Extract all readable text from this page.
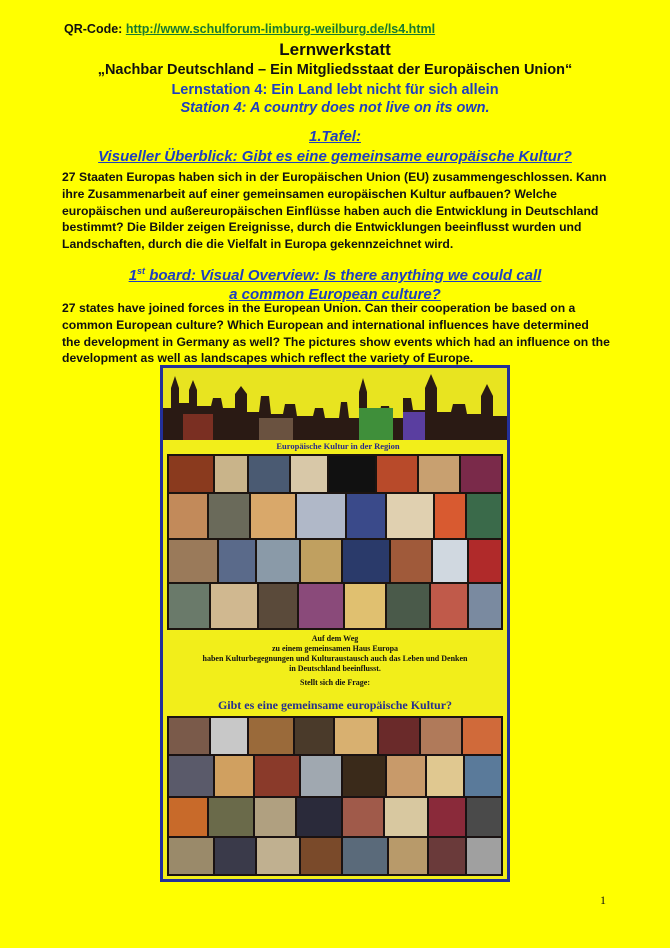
QR-Code: http://www.schulforum-limburg-weilburg.de/ls4.html
Lernwerkstatt
„Nachbar Deutschland – Ein Mitgliedsstaat der Europäischen Union“
Lernstation 4: Ein Land lebt nicht für sich allein
Station 4: A country does not live on its own.
1.Tafel:
Visueller Überblick: Gibt es eine gemeinsame europäische Kultur?
27 Staaten Europas haben sich in der Europäischen Union (EU) zusammengeschlossen. Kann ihre Zusammenarbeit auf einer gemeinsamen europäischen Kultur aufbauen? Welche europäischen und außereuropäischen Einflüsse haben auch die Entwicklung in Deutschland bestimmt? Die Bilder zeigen Ereignisse, durch die Entwicklungen beeinflusst wurden und Landschaften, durch die die Vielfalt in Europa gekennzeichnet wird.
1st board: Visual Overview: Is there anything we could call
a common European culture?
27 states have joined forces in the European Union. Can their cooperation be based on a common European culture? Which European and international influences have determined the development in Germany as well? The pictures show events which had an influence on the development as well as landscapes which reflect the variety of Europe.
Europäische Kultur in der Region
Auf dem Weg
zu einem gemeinsamen Haus Europa
haben Kulturbegegnungen und Kulturaustausch auch das Leben und Denken
in Deutschland beeinflusst.
Stellt sich die Frage:
Gibt es eine gemeinsame europäische Kultur?
1
